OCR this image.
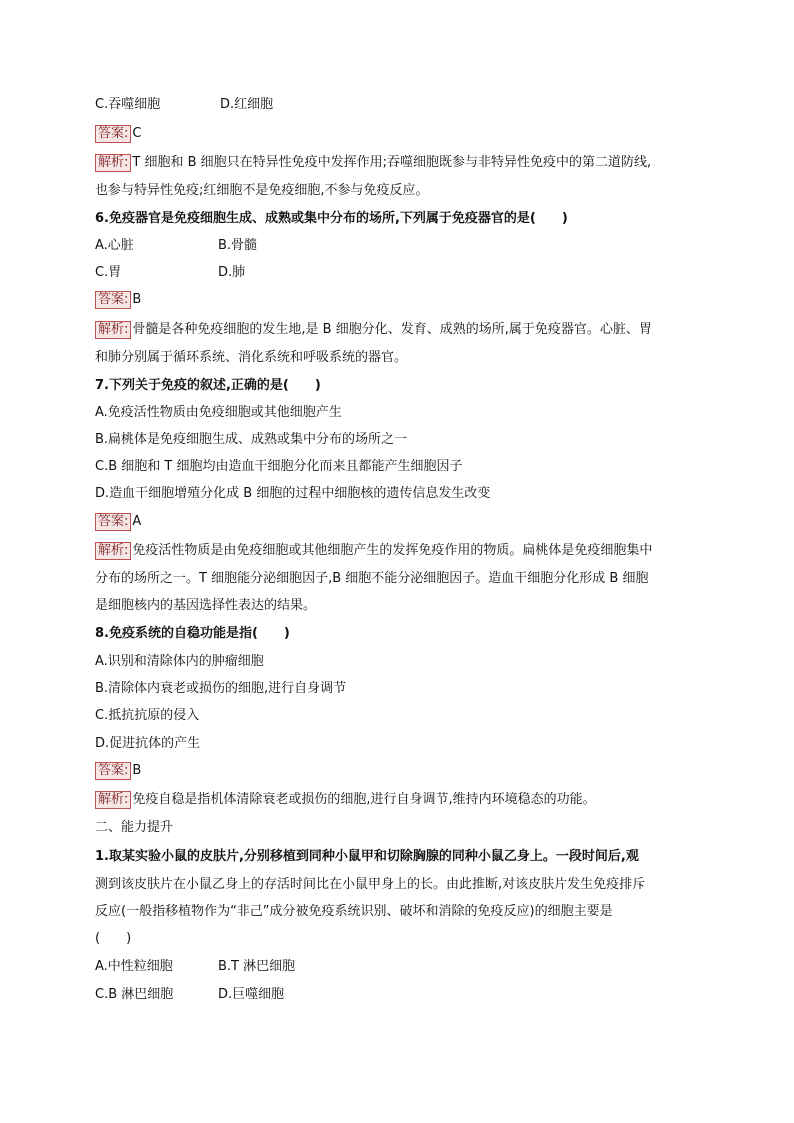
C.吞噬细胞	D.红细胞
答案: C
解析: T 细胞和 B 细胞只在特异性免疫中发挥作用;吞噬细胞既参与非特异性免疫中的第二道防线,
也参与特异性免疫;红细胞不是免疫细胞,不参与免疫反应。
6.免疫器官是免疫细胞生成、成熟或集中分布的场所,下列属于免疫器官的是(　　)
A.心脏	B.骨髓
C.胃	D.肺
答案: B
解析: 骨髓是各种免疫细胞的发生地,是 B 细胞分化、发育、成熟的场所,属于免疫器官。心脏、胃
和肺分别属于循环系统、消化系统和呼吸系统的器官。
7.下列关于免疫的叙述,正确的是(　　)
A.免疫活性物质由免疫细胞或其他细胞产生
B.扁桃体是免疫细胞生成、成熟或集中分布的场所之一
C.B 细胞和 T 细胞均由造血干细胞分化而来且都能产生细胞因子
D.造血干细胞增殖分化成 B 细胞的过程中细胞核的遗传信息发生改变
答案: A
解析: 免疫活性物质是由免疫细胞或其他细胞产生的发挥免疫作用的物质。扁桃体是免疫细胞集中
分布的场所之一。T 细胞能分泌细胞因子,B 细胞不能分泌细胞因子。造血干细胞分化形成 B 细胞
是细胞核内的基因选择性表达的结果。
8.免疫系统的自稳功能是指(　　)
A.识别和清除体内的肿瘤细胞
B.清除体内衰老或损伤的细胞,进行自身调节
C.抵抗抗原的侵入
D.促进抗体的产生
答案: B
解析: 免疫自稳是指机体清除衰老或损伤的细胞,进行自身调节,维持内环境稳态的功能。
二、能力提升
1.取某实验小鼠的皮肤片,分别移植到同种小鼠甲和切除胸腺的同种小鼠乙身上。一段时间后,观
测到该皮肤片在小鼠乙身上的存活时间比在小鼠甲身上的长。由此推断,对该皮肤片发生免疫排斥
反应(一般指移植物作为“非己”成分被免疫系统识别、破坏和消除的免疫反应)的细胞主要是
(　　)
A.中性粒细胞	B.T 淋巴细胞
C.B 淋巴细胞	D.巨噬细胞
